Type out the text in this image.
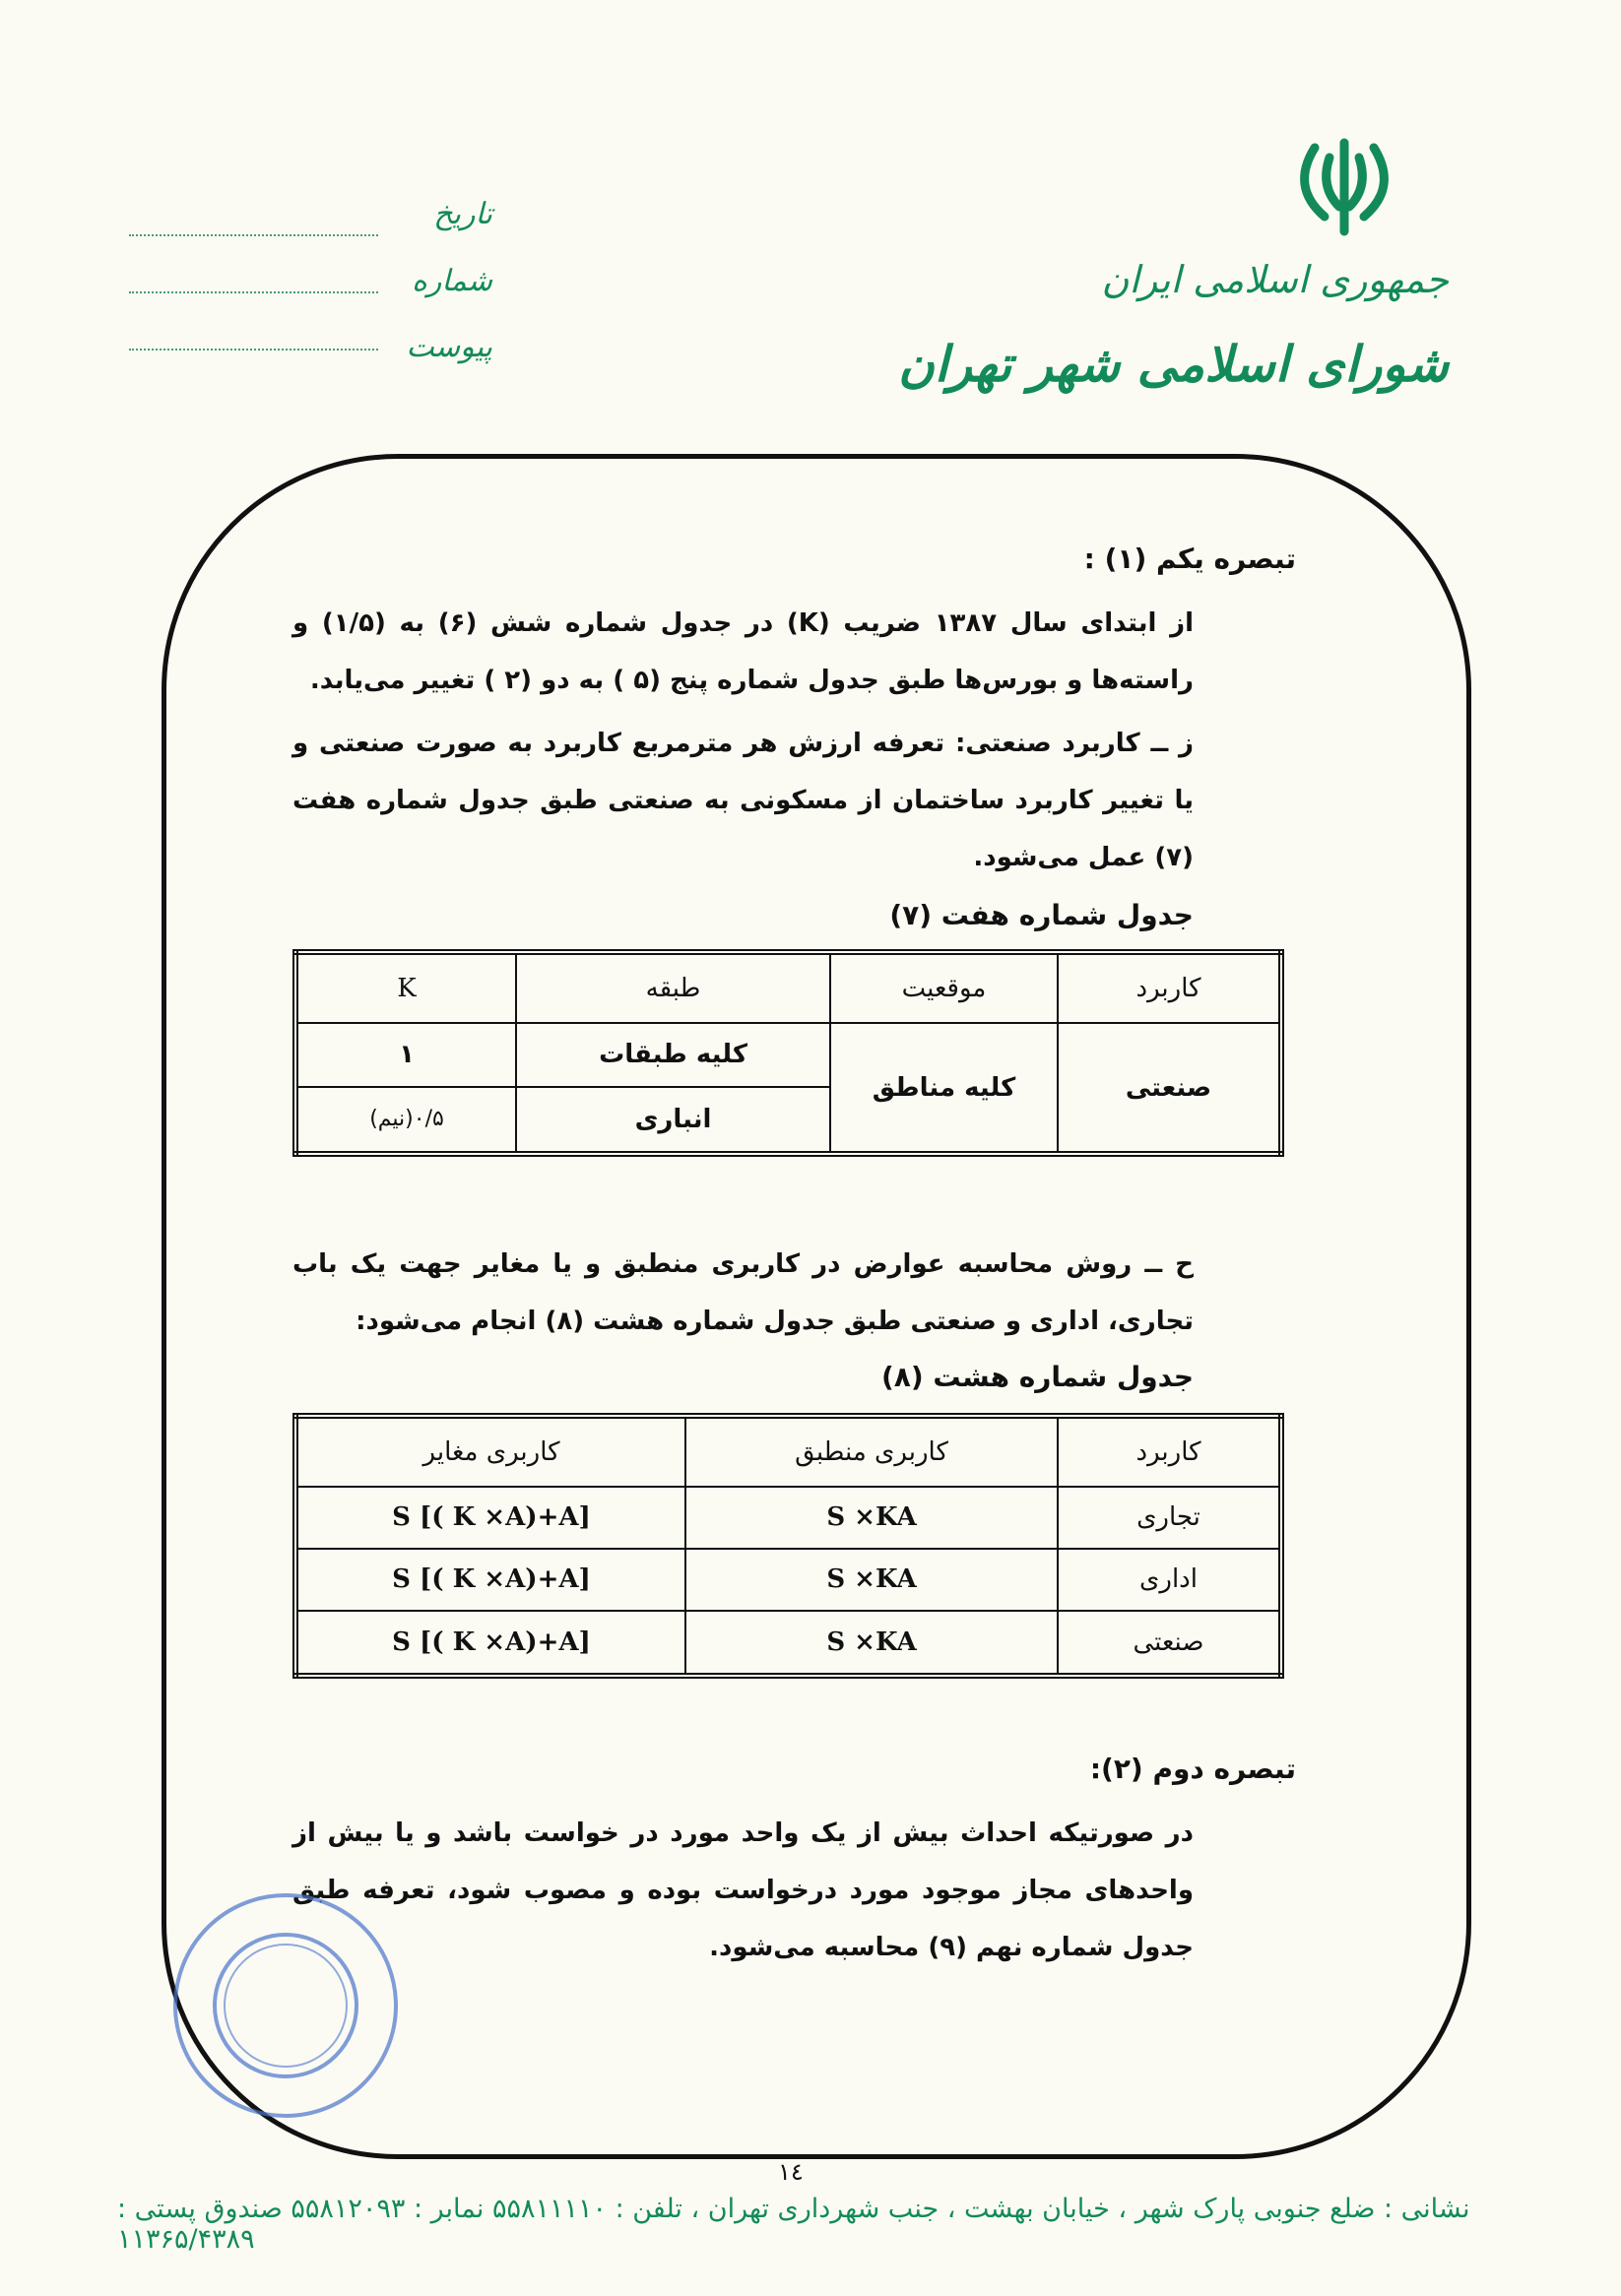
جمهوری اسلامی ایران
شورای اسلامی شهر تهران
تاریخ
شماره
پیوست
تبصره یکم (۱) :
از ابتدای سال ۱۳۸۷ ضریب (K) در جدول شماره شش (۶) به (۱/۵) و راسته‌ها و بورس‌ها طبق جدول شماره پنج (۵ ) به دو (۲ ) تغییر می‌یابد.
ز ــ کاربرد صنعتی: تعرفه ارزش هر مترمربع کاربرد به صورت صنعتی و یا تغییر کاربرد ساختمان از مسکونی به صنعتی طبق جدول شماره هفت (۷) عمل می‌شود.
جدول شماره هفت (۷)
کاربرد	موقعیت	طبقه	K
صنعتی	کلیه مناطق	کلیه طبقات	۱
		انباری	۰/۵(نیم)
ح ــ روش محاسبه عوارض در کاربری منطبق و یا مغایر جهت یک باب تجاری، اداری و صنعتی طبق جدول شماره هشت (۸) انجام می‌شود:
جدول شماره هشت (۸)
کاربرد	کاربری منطبق	کاربری مغایر
تجاری	S ×KA	S [( K ×A)+A]
اداری	S ×KA	S [( K ×A)+A]
صنعتی	S ×KA	S [( K ×A)+A]
تبصره دوم (۲):
در صورتیکه احداث بیش از یک واحد مورد در خواست باشد و یا بیش از واحدهای مجاز موجود مورد درخواست بوده و مصوب شود، تعرفه طبق جدول شماره نهم (۹) محاسبه می‌شود.
۱٤
نشانی : ضلع جنوبی پارک شهر ، خیابان بهشت ، جنب شهرداری تهران ، تلفن : ۵۵۸۱۱۱۱۰ نمابر : ۵۵۸۱۲۰۹۳ صندوق پستی : ۱۱۳۶۵/۴۳۸۹
